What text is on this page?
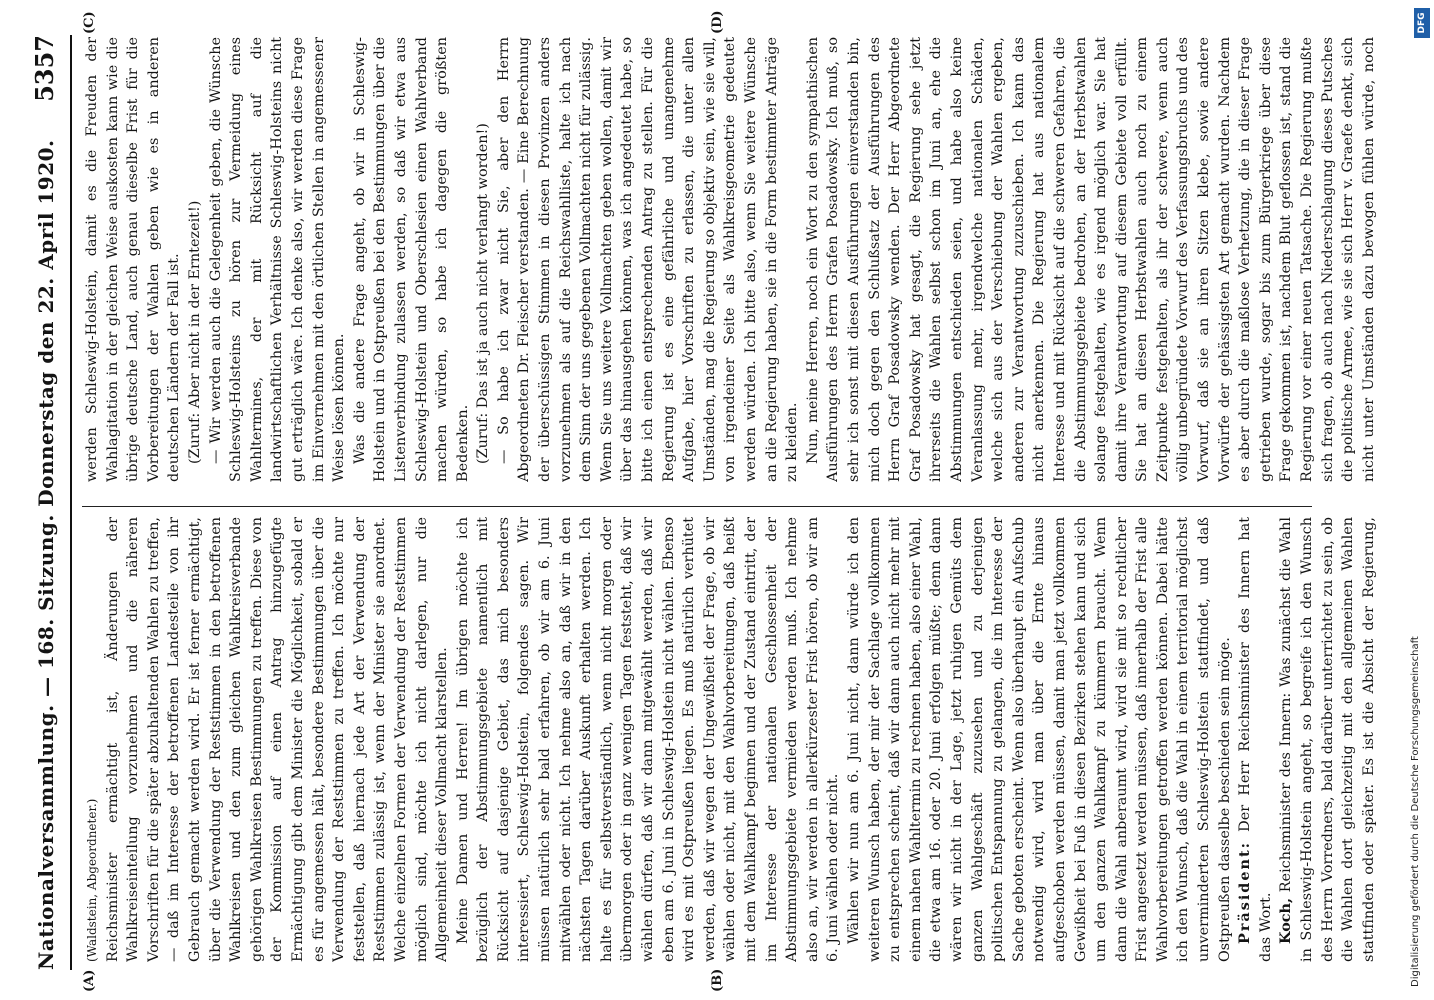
Nationalversammlung. — 168. Sitzung. Donnerstag den 22. April 1920.
5357

(Waldstein, Abgeordneter.) Reichsminister ermächtigt ist, Änderungen der Wahlkreiseinteilung vorzunehmen und die näheren Vorschriften für die später abzuhaltenden Wahlen zu treffen, — daß im Interesse der betroffenen Landesteile von ihr Gebrauch gemacht werden wird. Er ist ferner ermächtigt, über die Verwendung der Reststimmen in den betroffenen Wahlkreisen und den zum gleichen Wahlkreisverbande gehörigen Wahlkreisen Bestimmungen zu treffen. Diese von der Kommission auf einen Antrag hinzugefügte Ermächtigung gibt dem Minister die Möglichkeit, sobald er es für angemessen hält, besondere Bestimmungen über die Verwendung der Reststimmen zu treffen. Ich möchte nur feststellen, daß hiernach jede Art der Verwendung der Reststimmen zulässig ist, wenn der Minister sie anordnet. Welche einzelnen Formen der Verwendung der Reststimmen möglich sind, möchte ich nicht darlegen, nur die Allgemeinheit dieser Vollmacht klarstellen. Meine Damen und Herren! Im übrigen möchte ich bezüglich der Abstimmungsgebiete namentlich mit Rücksicht auf dasjenige Gebiet, das mich besonders interessiert, Schleswig-Holstein, folgendes sagen. Wir müssen natürlich sehr bald erfahren, ob wir am 6. Juni mitwählen oder nicht. Ich nehme also an, daß wir in den nächsten Tagen darüber Auskunft erhalten werden. Ich halte es für selbstverständlich, wenn nicht morgen oder übermorgen oder in ganz wenigen Tagen feststeht, daß wir wählen dürfen, daß wir dann mitgewählt werden, daß wir eben am 6. Juni in Schleswig-Holstein nicht wählen. Ebenso wird es mit Ostpreußen liegen. Es muß natürlich verhütet werden, daß wir wegen der Ungewißheit der Frage, ob wir wählen oder nicht, mit den Wahlvorbereitungen, daß heißt mit dem Wahlkampf beginnen und der Zustand eintritt, der im Interesse der nationalen Geschlossenheit der Abstimmungsgebiete vermieden werden muß. Ich nehme also an, wir werden in allerkürzester Frist hören, ob wir am 6. Juni wählen oder nicht. Wählen wir nun am 6. Juni nicht, dann würde ich den weiteren Wunsch haben, der mir der Sachlage vollkommen zu entsprechen scheint, daß wir dann auch nicht mehr mit einem nahen Wahltermin zu rechnen haben, also einer Wahl, die etwa am 16. oder 20. Juni erfolgen müßte; denn dann wären wir nicht in der Lage, jetzt ruhigen Gemüts dem ganzen Wahlgeschäft zuzusehen und zu derjenigen politischen Entspannung zu gelangen, die im Interesse der Sache geboten erscheint. Wenn also überhaupt ein Aufschub notwendig wird, wird man über die Ernte hinaus aufgeschoben werden müssen, damit man jetzt vollkommen Gewißheit bei Fuß in diesen Bezirken stehen kann und sich um den ganzen Wahlkampf zu kümmern braucht. Wenn dann die Wahl anberaumt wird, wird sie mit so rechtlicher Frist angesetzt werden müssen, daß innerhalb der Frist alle Wahlvorbereitungen getroffen werden können. Dabei hätte ich den Wunsch, daß die Wahl in einem territorial möglichst unverminderten Schleswig-Holstein stattfindet, und daß Ostpreußen dasselbe beschieden sein möge. Präsident: Der Herr Reichsminister des Innern hat das Wort. Koch, Reichsminister des Innern: Was zunächst die Wahl in Schleswig-Holstein angeht, so begreife ich den Wunsch des Herrn Vorredners, bald darüber unterrichtet zu sein, ob die Wahlen dort gleichzeitig mit den allgemeinen Wahlen stattfinden oder später. Es ist die Absicht der Regierung,

werden Schleswig-Holstein, damit es die Freuden der Wahlagitation in der gleichen Weise auskosten kann wie die übrige deutsche Land, auch genau dieselbe Frist für die Vorbereitungen der Wahlen geben wie es in anderen deutschen Ländern der Fall ist. (Zuruf: Aber nicht in der Erntezeit!) — Wir werden auch die Gelegenheit geben, die Wünsche Schleswig-Holsteins zu hören zur Vermeidung eines Wahltermines, der mit Rücksicht auf die landwirtschaftlichen Verhältnisse Schleswig-Holsteins nicht gut erträglich wäre. Ich denke also, wir werden diese Frage im Einvernehmen mit den örtlichen Stellen in angemessener Weise lösen können. Was die andere Frage angeht, ob wir in Schleswig-Holstein und in Ostpreußen bei den Bestimmungen über die Listenverbindung zulassen werden, so daß wir etwa aus Schleswig-Holstein und Oberschlesien einen Wahlverband machen würden, so habe ich dagegen die größten Bedenken. (Zuruf: Das ist ja auch nicht verlangt worden!) — So habe ich zwar nicht Sie, aber den Herrn Abgeordneten Dr. Fleischer verstanden. — Eine Berechnung der überschüssigen Stimmen in diesen Provinzen anders vorzunehmen als auf die Reichswahlliste, halte ich nach dem Sinn der uns gegebenen Vollmachten nicht für zulässig. Wenn Sie uns weitere Vollmachten geben wollen, damit wir über das hinausgehen können, was ich angedeutet habe, so bitte ich einen entsprechenden Antrag zu stellen. Für die Regierung ist es eine gefährliche und unangenehme Aufgabe, hier Vorschriften zu erlassen, die unter allen Umständen, mag die Regierung so objektiv sein, wie sie will, von irgendeiner Seite als Wahlkreisgeometrie gedeutet werden würden. Ich bitte also, wenn Sie weitere Wünsche an die Regierung haben, sie in die Form bestimmter Anträge zu kleiden. Nun, meine Herren, noch ein Wort zu den sympathischen Ausführungen des Herrn Grafen Posadowsky. Ich muß, so sehr ich sonst mit diesen Ausführungen einverstanden bin, mich doch gegen den Schlußsatz der Ausführungen des Herrn Graf Posadowsky wenden. Der Herr Abgeordnete Graf Posadowsky hat gesagt, die Regierung sehe jetzt ihrerseits die Wahlen selbst schon im Juni an, ehe die Abstimmungen entschieden seien, und habe also keine Veranlassung mehr, irgendwelche nationalen Schäden, welche sich aus der Verschiebung der Wahlen ergeben, anderen zur Verantwortung zuzuschieben. Ich kann das nicht anerkennen. Die Regierung hat aus nationalem Interesse und mit Rücksicht auf die schweren Gefahren, die die Abstimmungsgebiete bedrohen, an der Herbstwahlen solange festgehalten, wie es irgend möglich war. Sie hat damit ihre Verantwortung auf diesem Gebiete voll erfüllt. Sie hat an diesen Herbstwahlen auch noch zu einem Zeitpunkte festgehalten, als ihr der schwere, wenn auch völlig unbegründete Vorwurf des Verfassungsbruchs und des Vorwurf, daß sie an ihren Sitzen klebe, sowie andere Vorwürfe der gehässigsten Art gemacht wurden. Nachdem es aber durch die maßlose Verhetzung, die in dieser Frage getrieben wurde, sogar bis zum Bürgerkriege über diese Frage gekommen ist, nachdem Blut geflossen ist, stand die Regierung vor einer neuen Tatsache. Die Regierung mußte sich fragen, ob auch nach Niederschlagung dieses Putsches die politische Armee, wie sie sich Herr v. Graefe denkt, sich nicht unter Umständen dazu bewogen fühlen würde, noch

(A)	(B)
(C)	(D)	DFG
Digitalisierung gefördert durch die Deutsche Forschungsgemeinschaft
